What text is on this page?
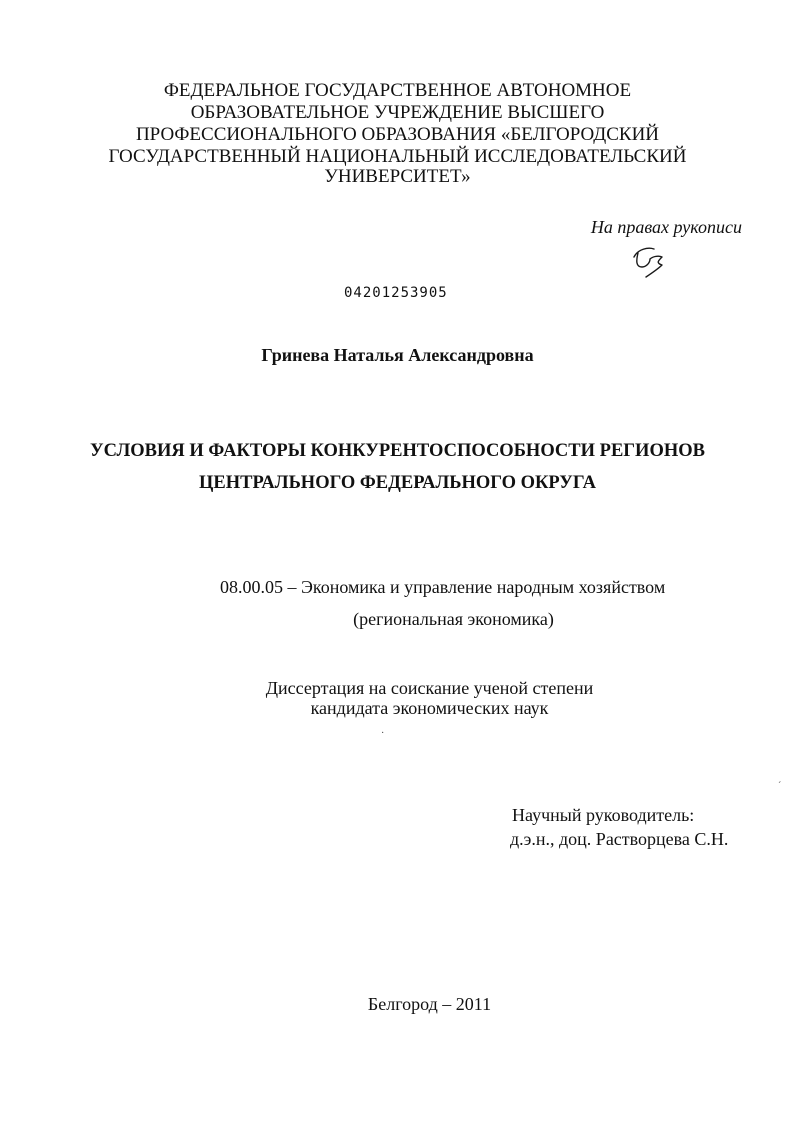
ФЕДЕРАЛЬНОЕ ГОСУДАРСТВЕННОЕ АВТОНОМНОЕ
ОБРАЗОВАТЕЛЬНОЕ УЧРЕЖДЕНИЕ ВЫСШЕГО
ПРОФЕССИОНАЛЬНОГО ОБРАЗОВАНИЯ «БЕЛГОРОДСКИЙ
ГОСУДАРСТВЕННЫЙ НАЦИОНАЛЬНЫЙ ИССЛЕДОВАТЕЛЬСКИЙ
УНИВЕРСИТЕТ»
На правах рукописи
04201253905
Гринева Наталья Александровна
УСЛОВИЯ И ФАКТОРЫ КОНКУРЕНТОСПОСОБНОСТИ РЕГИОНОВ
ЦЕНТРАЛЬНОГО ФЕДЕРАЛЬНОГО ОКРУГА
08.00.05 – Экономика и управление народным хозяйством
(региональная экономика)
Диссертация на соискание ученой степени
кандидата экономических наук
Научный руководитель:
д.э.н., доц. Растворцева С.Н.
Белгород – 2011
·
´
